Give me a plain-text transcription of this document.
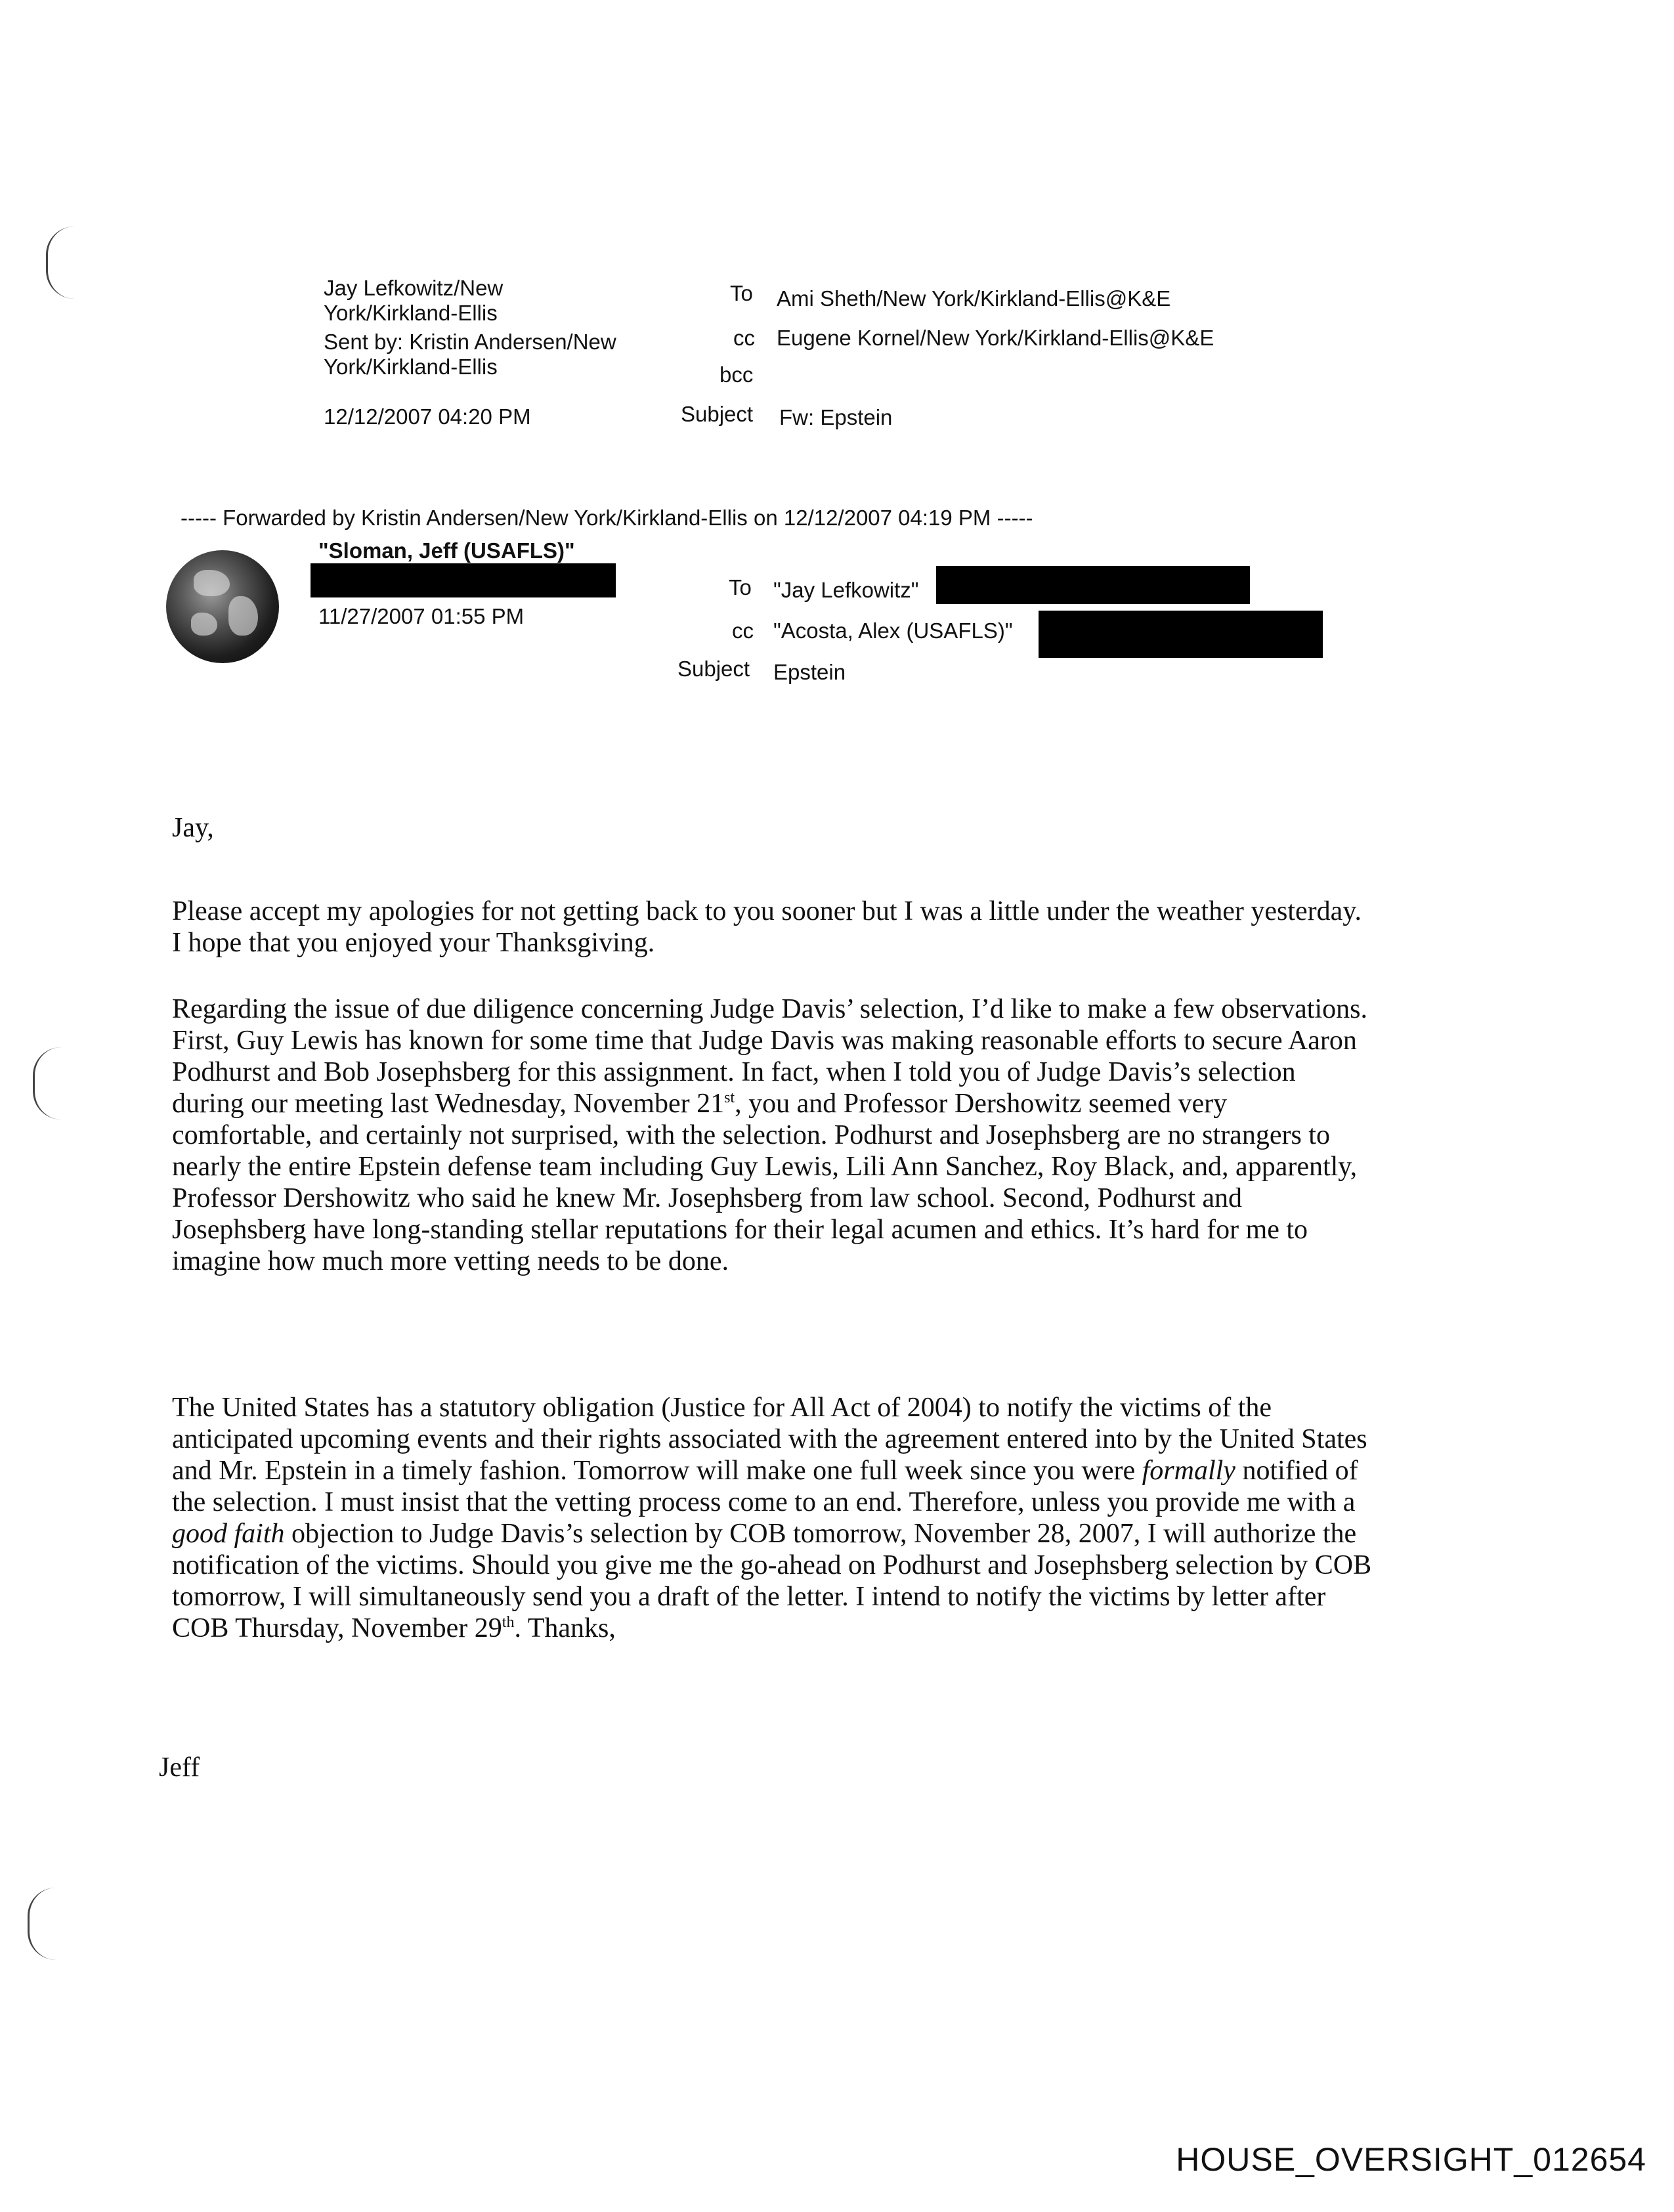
Jay Lefkowitz/New
York/Kirkland-Ellis
Sent by: Kristin Andersen/New
York/Kirkland-Ellis
12/12/2007 04:20 PM
To Ami Sheth/New York/Kirkland-Ellis@K&E
cc Eugene Kornel/New York/Kirkland-Ellis@K&E
bcc
Subject Fw: Epstein
----- Forwarded by Kristin Andersen/New York/Kirkland-Ellis on 12/12/2007 04:19 PM -----
"Sloman, Jeff (USAFLS)"
11/27/2007 01:55 PM
To "Jay Lefkowitz"
cc "Acosta, Alex (USAFLS)"
Subject Epstein
Jay,

Please accept my apologies for not getting back to you sooner but I was a little under the weather yesterday. I hope that you enjoyed your Thanksgiving.

Regarding the issue of due diligence concerning Judge Davis’ selection, I’d like to make a few observations. First, Guy Lewis has known for some time that Judge Davis was making reasonable efforts to secure Aaron Podhurst and Bob Josephsberg for this assignment. In fact, when I told you of Judge Davis’s selection during our meeting last Wednesday, November 21st, you and Professor Dershowitz seemed very comfortable, and certainly not surprised, with the selection. Podhurst and Josephsberg are no strangers to nearly the entire Epstein defense team including Guy Lewis, Lili Ann Sanchez, Roy Black, and, apparently, Professor Dershowitz who said he knew Mr. Josephsberg from law school. Second, Podhurst and Josephsberg have long-standing stellar reputations for their legal acumen and ethics. It’s hard for me to imagine how much more vetting needs to be done.

The United States has a statutory obligation (Justice for All Act of 2004) to notify the victims of the anticipated upcoming events and their rights associated with the agreement entered into by the United States and Mr. Epstein in a timely fashion. Tomorrow will make one full week since you were formally notified of the selection. I must insist that the vetting process come to an end. Therefore, unless you provide me with a good faith objection to Judge Davis’s selection by COB tomorrow, November 28, 2007, I will authorize the notification of the victims. Should you give me the go-ahead on Podhurst and Josephsberg selection by COB tomorrow, I will simultaneously send you a draft of the letter. I intend to notify the victims by letter after COB Thursday, November 29th. Thanks,

Jeff
HOUSE_OVERSIGHT_012654
